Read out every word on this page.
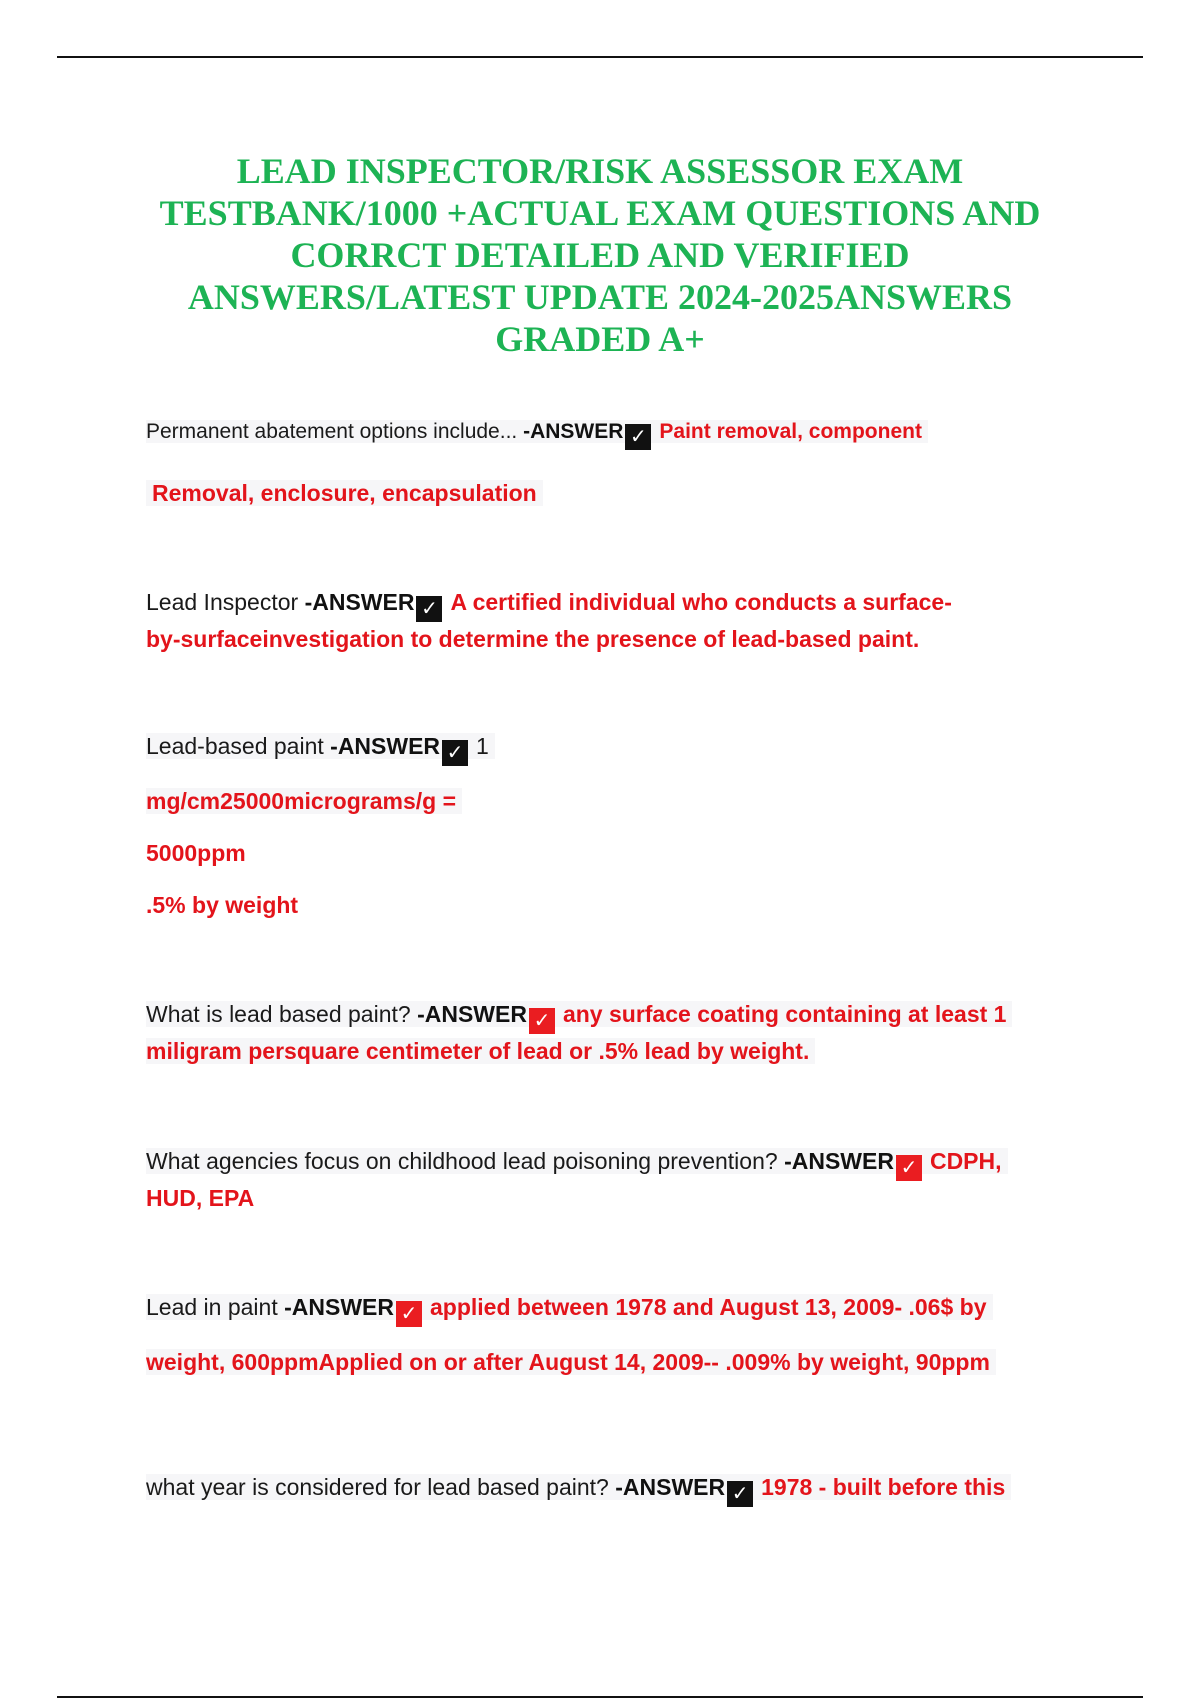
LEAD INSPECTOR/RISK ASSESSOR EXAM
TESTBANK/1000 +ACTUAL EXAM QUESTIONS AND
CORRCT DETAILED AND VERIFIED
ANSWERS/LATEST UPDATE 2024-2025ANSWERS
GRADED A+
Permanent abatement options include... -ANSWER ✓ Paint removal, component
Removal, enclosure, encapsulation
Lead Inspector -ANSWER ✓ A certified individual who conducts a surface-
by-surfaceinvestigation to determine the presence of lead-based paint.
Lead-based paint -ANSWER ✓ 1
mg/cm25000micrograms/g =
5000ppm
.5% by weight
What is lead based paint? -ANSWER ✓ any surface coating containing at least 1
miligram persquare centimeter of lead or .5% lead by weight.
What agencies focus on childhood lead poisoning prevention? -ANSWER ✓ CDPH,
HUD, EPA
Lead in paint -ANSWER ✓ applied between 1978 and August 13, 2009- .06$ by
weight, 600ppmApplied on or after August 14, 2009-- .009% by weight, 90ppm
what year is considered for lead based paint? -ANSWER ✓ 1978 - built before this
